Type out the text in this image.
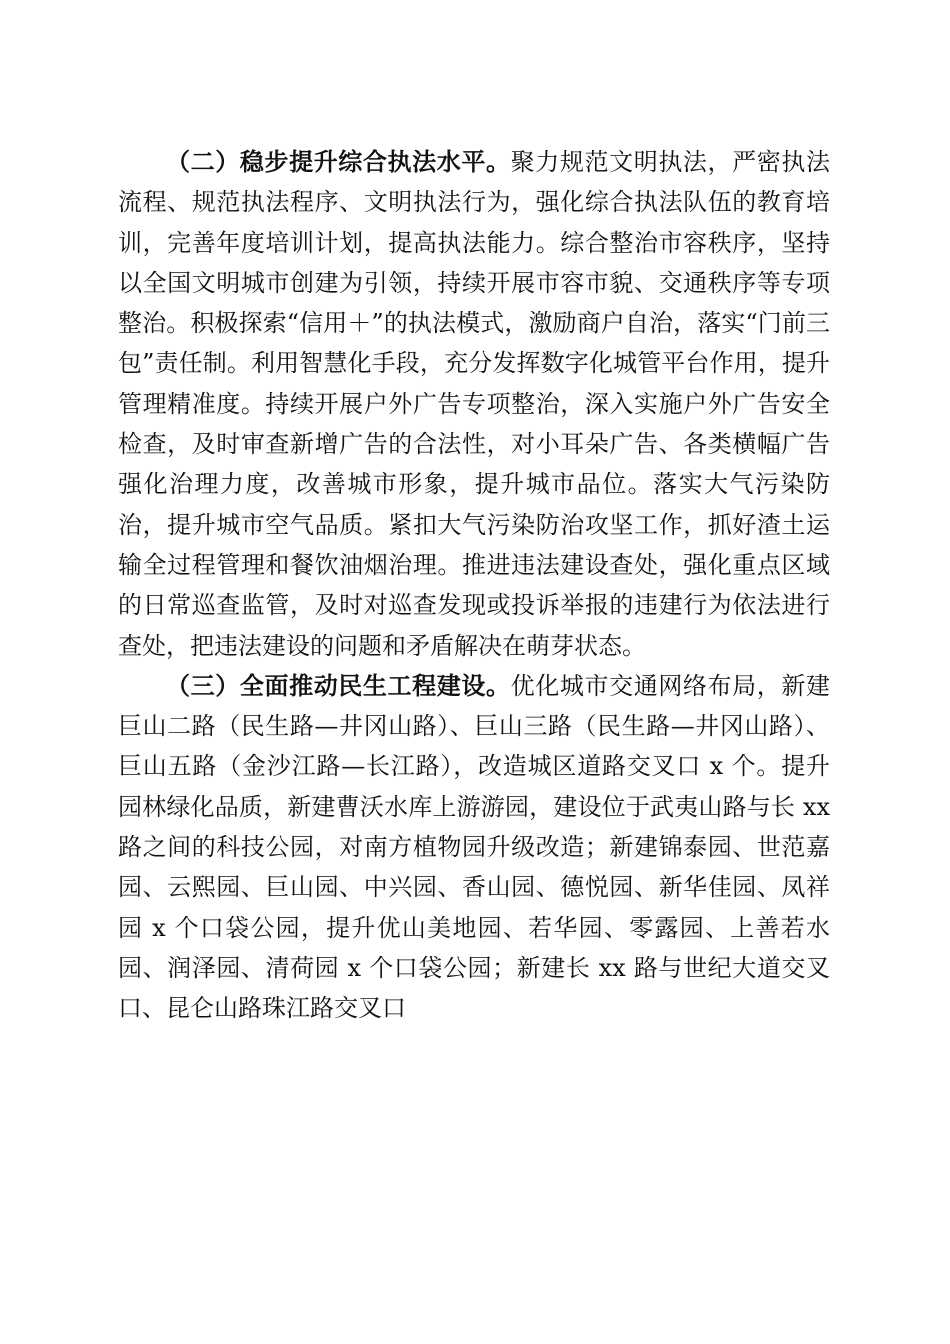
（二）稳步提升综合执法水平。聚力规范文明执法，严密执法流程、规范执法程序、文明执法行为，强化综合执法队伍的教育培训，完善年度培训计划，提高执法能力。综合整治市容秩序，坚持以全国文明城市创建为引领，持续开展市容市貌、交通秩序等专项整治。积极探索“信用＋”的执法模式，激励商户自治，落实“门前三包”责任制。利用智慧化手段，充分发挥数字化城管平台作用，提升管理精准度。持续开展户外广告专项整治，深入实施户外广告安全检查，及时审查新增广告的合法性，对小耳朵广告、各类横幅广告强化治理力度，改善城市形象，提升城市品位。落实大气污染防治，提升城市空气品质。紧扣大气污染防治攻坚工作，抓好渣土运输全过程管理和餐饮油烟治理。推进违法建设查处，强化重点区域的日常巡查监管，及时对巡查发现或投诉举报的违建行为依法进行查处，把违法建设的问题和矛盾解决在萌芽状态。

（三）全面推动民生工程建设。优化城市交通网络布局，新建巨山二路（民生路—井冈山路）、巨山三路（民生路—井冈山路）、巨山五路（金沙江路—长江路），改造城区道路交叉口 x 个。提升园林绿化品质，新建曹沃水库上游游园，建设位于武夷山路与长 xx 路之间的科技公园，对南方植物园升级改造；新建锦泰园、世范嘉园、云熙园、巨山园、中兴园、香山园、德悦园、新华佳园、凤祥园 x 个口袋公园，提升优山美地园、若华园、零露园、上善若水园、润泽园、清荷园 x 个口袋公园；新建长 xx 路与世纪大道交叉口、昆仑山路珠江路交叉口
